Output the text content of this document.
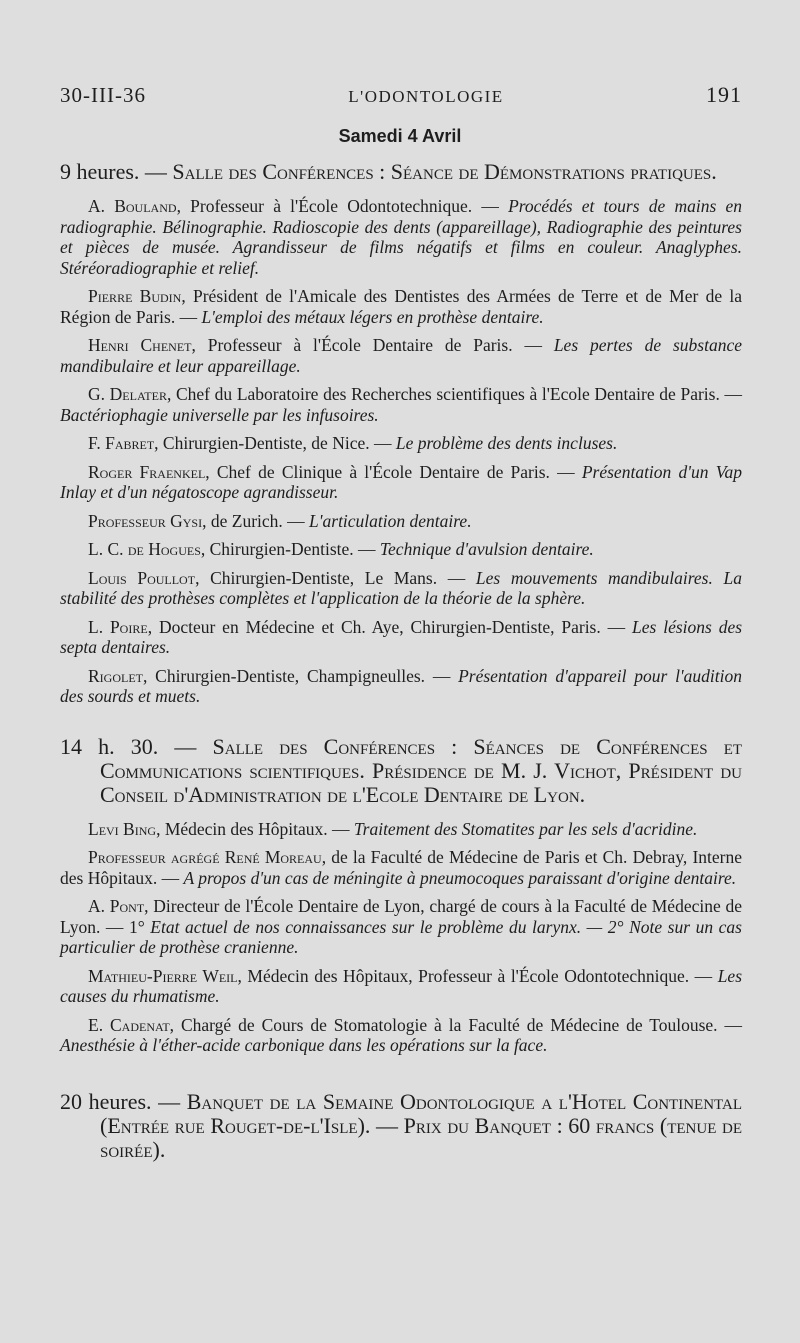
30-III-36	L'ODONTOLOGIE	191
Samedi 4 Avril

9 heures. — Salle des Conférences : Séance de Démonstrations pratiques.

A. Bouland, Professeur à l'École Odontotechnique. — Procédés et tours de mains en radiographie. Bélinographie. Radioscopie des dents (appareillage), Radiographie des peintures et pièces de musée. Agrandisseur de films négatifs et films en couleur. Anaglyphes. Stéréoradiographie et relief.

Pierre Budin, Président de l'Amicale des Dentistes des Armées de Terre et de Mer de la Région de Paris. — L'emploi des métaux légers en prothèse dentaire.

Henri Chenet, Professeur à l'École Dentaire de Paris. — Les pertes de substance mandibulaire et leur appareillage.

G. Delater, Chef du Laboratoire des Recherches scientifiques à l'Ecole Dentaire de Paris. — Bactériophagie universelle par les infusoires.

F. Fabret, Chirurgien-Dentiste, de Nice. — Le problème des dents incluses.

Roger Fraenkel, Chef de Clinique à l'École Dentaire de Paris. — Présentation d'un Vap Inlay et d'un négatoscope agrandisseur.

Professeur Gysi, de Zurich. — L'articulation dentaire.

L. C. de Hogues, Chirurgien-Dentiste. — Technique d'avulsion dentaire.

Louis Poullot, Chirurgien-Dentiste, Le Mans. — Les mouvements mandibulaires. La stabilité des prothèses complètes et l'application de la théorie de la sphère.

L. Poire, Docteur en Médecine et Ch. Aye, Chirurgien-Dentiste, Paris. — Les lésions des septa dentaires.

Rigolet, Chirurgien-Dentiste, Champigneulles. — Présentation d'appareil pour l'audition des sourds et muets.

14 h. 30. — Salle des Conférences : Séances de Conférences et Communications scientifiques. Présidence de M. J. Vichot, Président du Conseil d'Administration de l'Ecole Dentaire de Lyon.

Levi Bing, Médecin des Hôpitaux. — Traitement des Stomatites par les sels d'acridine.

Professeur agrégé René Moreau, de la Faculté de Médecine de Paris et Ch. Debray, Interne des Hôpitaux. — A propos d'un cas de méningite à pneumocoques paraissant d'origine dentaire.

A. Pont, Directeur de l'École Dentaire de Lyon, chargé de cours à la Faculté de Médecine de Lyon. — 1° Etat actuel de nos connaissances sur le problème du larynx. — 2° Note sur un cas particulier de prothèse cranienne.

Mathieu-Pierre Weil, Médecin des Hôpitaux, Professeur à l'École Odontotechnique. — Les causes du rhumatisme.

E. Cadenat, Chargé de Cours de Stomatologie à la Faculté de Médecine de Toulouse. — Anesthésie à l'éther-acide carbonique dans les opérations sur la face.

20 heures. — Banquet de la Semaine Odontologique a l'Hotel Continental (Entrée rue Rouget-de-l'Isle). — Prix du Banquet : 60 francs (tenue de soirée).
